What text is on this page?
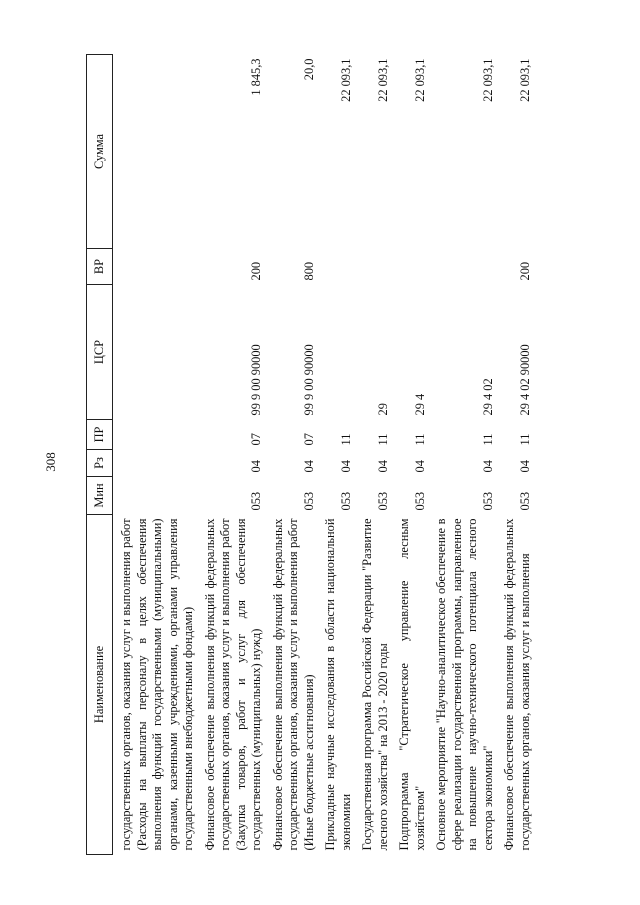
308
Наименование	Мин	Рз	ПР	ЦСР	ВР	Сумма
государственных органов, оказания услуг и выполнения работ (Расходы на выплаты персоналу в целях обеспечения выполнения функций государственными (муниципальными) органами, казенными учреждениями, органами управления государственными внебюджетными фондами)						
Финансовое обеспечение выполнения функций федеральных государственных органов, оказания услуг и выполнения работ (Закупка товаров, работ и услуг для обеспечения государственных (муниципальных) нужд)	053	04	07	99 9 00 90000	200	1 845,3
Финансовое обеспечение выполнения функций федеральных государственных органов, оказания услуг и выполнения работ (Иные бюджетные ассигнования)	053	04	07	99 9 00 90000	800	20,0
Прикладные научные исследования в области национальной экономики	053	04	11			22 093,1
Государственная программа Российской Федерации "Развитие лесного хозяйства" на 2013 - 2020 годы	053	04	11	29		22 093,1
Подпрограмма "Стратегическое управление лесным хозяйством"	053	04	11	29 4		22 093,1
Основное мероприятие "Научно-аналитическое обеспечение в сфере реализации государственной программы, направленное на повышение научно-технического потенциала лесного сектора экономики"	053	04	11	29 4 02		22 093,1
Финансовое обеспечение выполнения функций федеральных государственных органов, оказания услуг и выполнения	053	04	11	29 4 02 90000	200	22 093,1
